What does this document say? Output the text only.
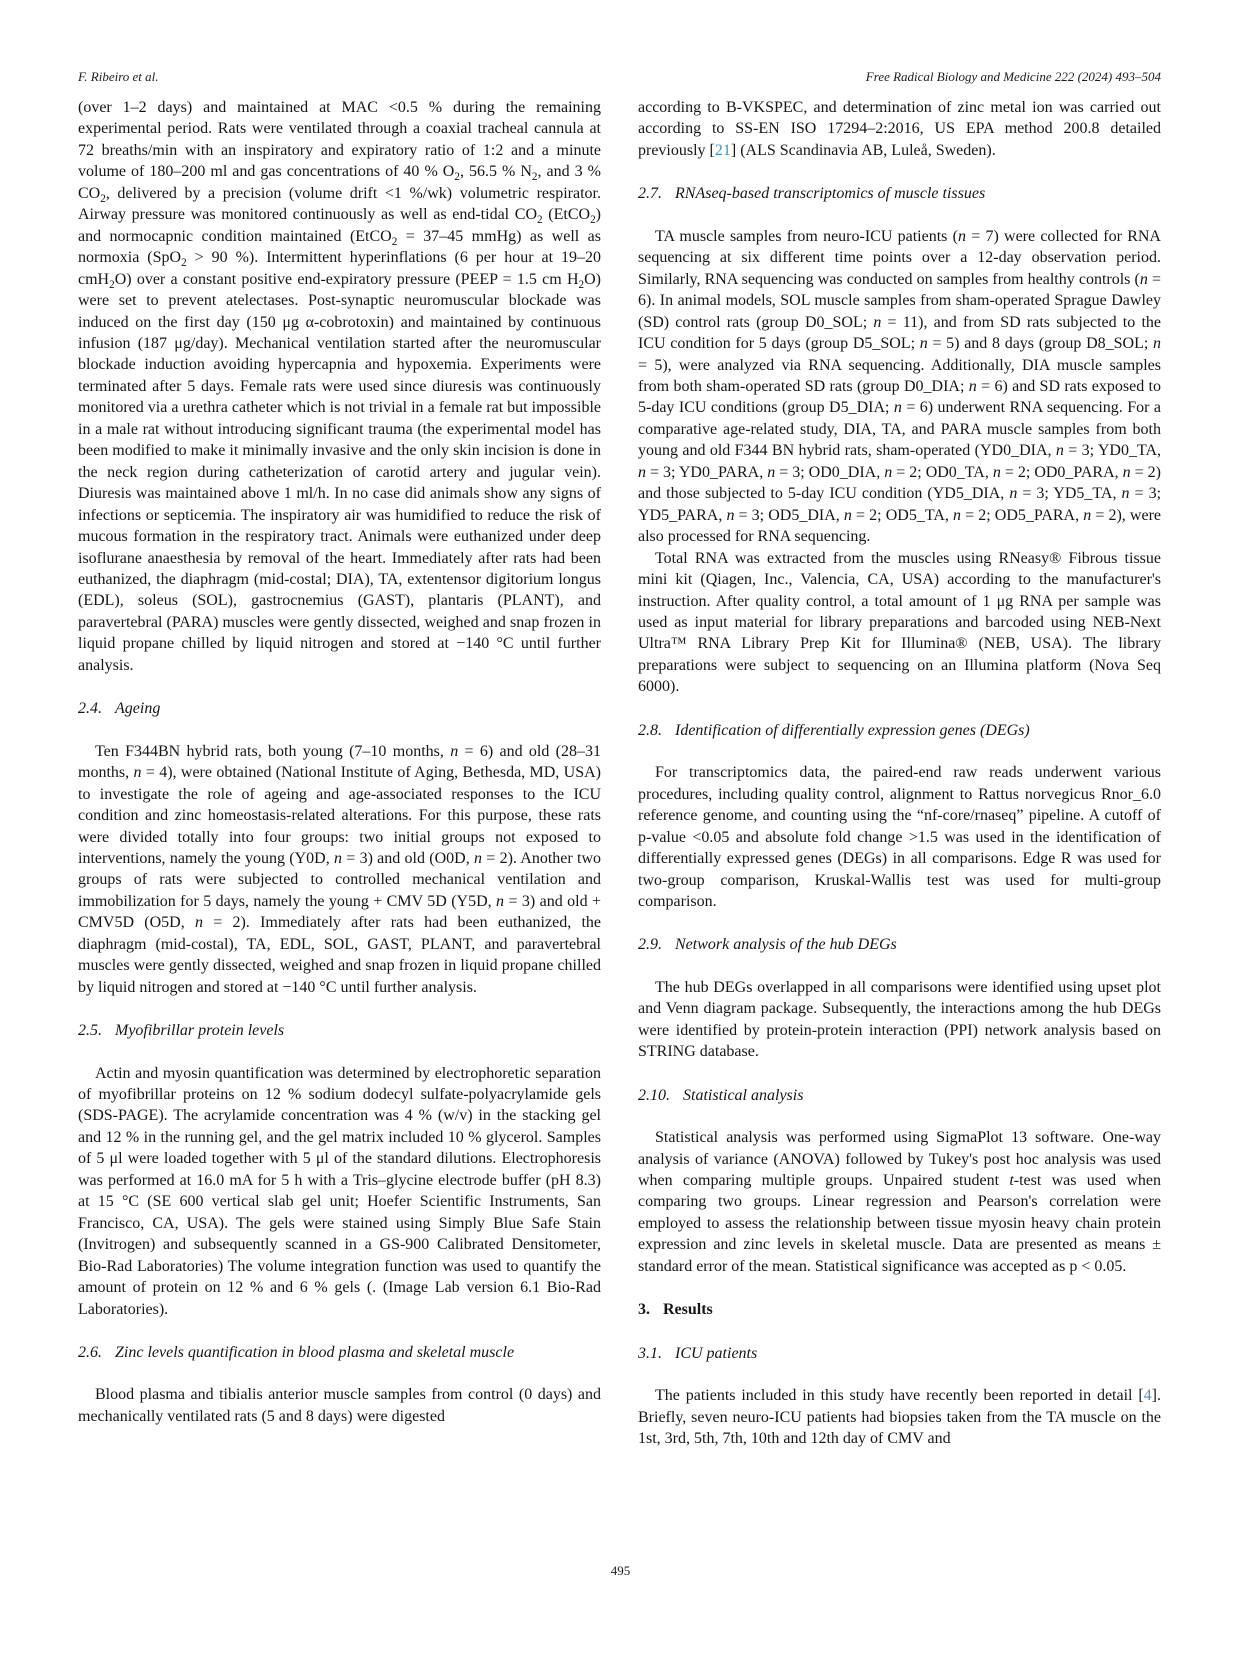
F. Ribeiro et al.	Free Radical Biology and Medicine 222 (2024) 493–504

(over 1–2 days) and maintained at MAC <0.5 % during the remaining experimental period. Rats were ventilated through a coaxial tracheal cannula at 72 breaths/min with an inspiratory and expiratory ratio of 1:2 and a minute volume of 180–200 ml and gas concentrations of 40 % $O_2$, 56.5 % $N_2$, and 3 % $CO_2$, delivered by a precision (volume drift <1 %/wk) volumetric respirator. Airway pressure was monitored continuously as well as end-tidal $CO_2$ (EtCO$_2$) and normocapnic condition maintained (EtCO$_2$ = 37–45 mmHg) as well as normoxia (SpO$_2$ > 90 %). Intermittent hyperinflations (6 per hour at 19–20 cmH$_2$O) over a constant positive end-expiratory pressure (PEEP = 1.5 cm $H_2O$) were set to prevent atelectases. Post-synaptic neuromuscular blockade was induced on the first day (150 μg α-cobrotoxin) and maintained by continuous infusion (187 μg/day). Mechanical ventilation started after the neuromuscular blockade induction avoiding hypercapnia and hypoxemia. Experiments were terminated after 5 days. Female rats were used since diuresis was continuously monitored via a urethra catheter which is not trivial in a female rat but impossible in a male rat without introducing significant trauma (the experimental model has been modified to make it minimally invasive and the only skin incision is done in the neck region during catheterization of carotid artery and jugular vein). Diuresis was maintained above 1 ml/h. In no case did animals show any signs of infections or septicemia. The inspiratory air was humidified to reduce the risk of mucous formation in the respiratory tract. Animals were euthanized under deep isoflurane anaesthesia by removal of the heart. Immediately after rats had been euthanized, the diaphragm (mid-costal; DIA), TA, extentensor digitorium longus (EDL), soleus (SOL), gastrocnemius (GAST), plantaris (PLANT), and paravertebral (PARA) muscles were gently dissected, weighed and snap frozen in liquid propane chilled by liquid nitrogen and stored at −140 °C until further analysis.

2.4. Ageing

Ten F344BN hybrid rats, both young (7–10 months, n = 6) and old (28–31 months, n = 4), were obtained (National Institute of Aging, Bethesda, MD, USA) to investigate the role of ageing and age-associated responses to the ICU condition and zinc homeostasis-related alterations. For this purpose, these rats were divided totally into four groups: two initial groups not exposed to interventions, namely the young (Y0D, n = 3) and old (O0D, n = 2). Another two groups of rats were subjected to controlled mechanical ventilation and immobilization for 5 days, namely the young + CMV 5D (Y5D, n = 3) and old + CMV5D (O5D, n = 2). Immediately after rats had been euthanized, the diaphragm (mid-costal), TA, EDL, SOL, GAST, PLANT, and paravertebral muscles were gently dissected, weighed and snap frozen in liquid propane chilled by liquid nitrogen and stored at −140 °C until further analysis.

2.5. Myofibrillar protein levels

Actin and myosin quantification was determined by electrophoretic separation of myofibrillar proteins on 12 % sodium dodecyl sulfate-polyacrylamide gels (SDS-PAGE). The acrylamide concentration was 4 % (w/v) in the stacking gel and 12 % in the running gel, and the gel matrix included 10 % glycerol. Samples of 5 μl were loaded together with 5 μl of the standard dilutions. Electrophoresis was performed at 16.0 mA for 5 h with a Tris–glycine electrode buffer (pH 8.3) at 15 °C (SE 600 vertical slab gel unit; Hoefer Scientific Instruments, San Francisco, CA, USA). The gels were stained using Simply Blue Safe Stain (Invitrogen) and subsequently scanned in a GS-900 Calibrated Densitometer, Bio-Rad Laboratories) The volume integration function was used to quantify the amount of protein on 12 % and 6 % gels (. (Image Lab version 6.1 Bio-Rad Laboratories).

2.6. Zinc levels quantification in blood plasma and skeletal muscle

Blood plasma and tibialis anterior muscle samples from control (0 days) and mechanically ventilated rats (5 and 8 days) were digested

according to B-VKSPEC, and determination of zinc metal ion was carried out according to SS-EN ISO 17294–2:2016, US EPA method 200.8 detailed previously [21] (ALS Scandinavia AB, Luleå, Sweden).

2.7. RNAseq-based transcriptomics of muscle tissues

TA muscle samples from neuro-ICU patients (n = 7) were collected for RNA sequencing at six different time points over a 12-day observation period. Similarly, RNA sequencing was conducted on samples from healthy controls (n = 6). In animal models, SOL muscle samples from sham-operated Sprague Dawley (SD) control rats (group D0_SOL; n = 11), and from SD rats subjected to the ICU condition for 5 days (group D5_SOL; n = 5) and 8 days (group D8_SOL; n = 5), were analyzed via RNA sequencing. Additionally, DIA muscle samples from both sham-operated SD rats (group D0_DIA; n = 6) and SD rats exposed to 5-day ICU conditions (group D5_DIA; n = 6) underwent RNA sequencing. For a comparative age-related study, DIA, TA, and PARA muscle samples from both young and old F344 BN hybrid rats, sham-operated (YD0_DIA, n = 3; YD0_TA, n = 3; YD0_PARA, n = 3; OD0_DIA, n = 2; OD0_TA, n = 2; OD0_PARA, n = 2) and those subjected to 5-day ICU condition (YD5_DIA, n = 3; YD5_TA, n = 3; YD5_PARA, n = 3; OD5_DIA, n = 2; OD5_TA, n = 2; OD5_PARA, n = 2), were also processed for RNA sequencing.

Total RNA was extracted from the muscles using RNeasy® Fibrous tissue mini kit (Qiagen, Inc., Valencia, CA, USA) according to the manufacturer's instruction. After quality control, a total amount of 1 μg RNA per sample was used as input material for library preparations and barcoded using NEB-Next Ultra™ RNA Library Prep Kit for Illumina® (NEB, USA). The library preparations were subject to sequencing on an Illumina platform (Nova Seq 6000).

2.8. Identification of differentially expression genes (DEGs)

For transcriptomics data, the paired-end raw reads underwent various procedures, including quality control, alignment to Rattus norvegicus Rnor_6.0 reference genome, and counting using the “nf-core/rnaseq” pipeline. A cutoff of p-value <0.05 and absolute fold change >1.5 was used in the identification of differentially expressed genes (DEGs) in all comparisons. Edge R was used for two-group comparison, Kruskal-Wallis test was used for multi-group comparison.

2.9. Network analysis of the hub DEGs

The hub DEGs overlapped in all comparisons were identified using upset plot and Venn diagram package. Subsequently, the interactions among the hub DEGs were identified by protein-protein interaction (PPI) network analysis based on STRING database.

2.10. Statistical analysis

Statistical analysis was performed using SigmaPlot 13 software. One-way analysis of variance (ANOVA) followed by Tukey's post hoc analysis was used when comparing multiple groups. Unpaired student t-test was used when comparing two groups. Linear regression and Pearson's correlation were employed to assess the relationship between tissue myosin heavy chain protein expression and zinc levels in skeletal muscle. Data are presented as means ± standard error of the mean. Statistical significance was accepted as p < 0.05.

3. Results
3.1. ICU patients

The patients included in this study have recently been reported in detail [4]. Briefly, seven neuro-ICU patients had biopsies taken from the TA muscle on the 1st, 3rd, 5th, 7th, 10th and 12th day of CMV and

495
